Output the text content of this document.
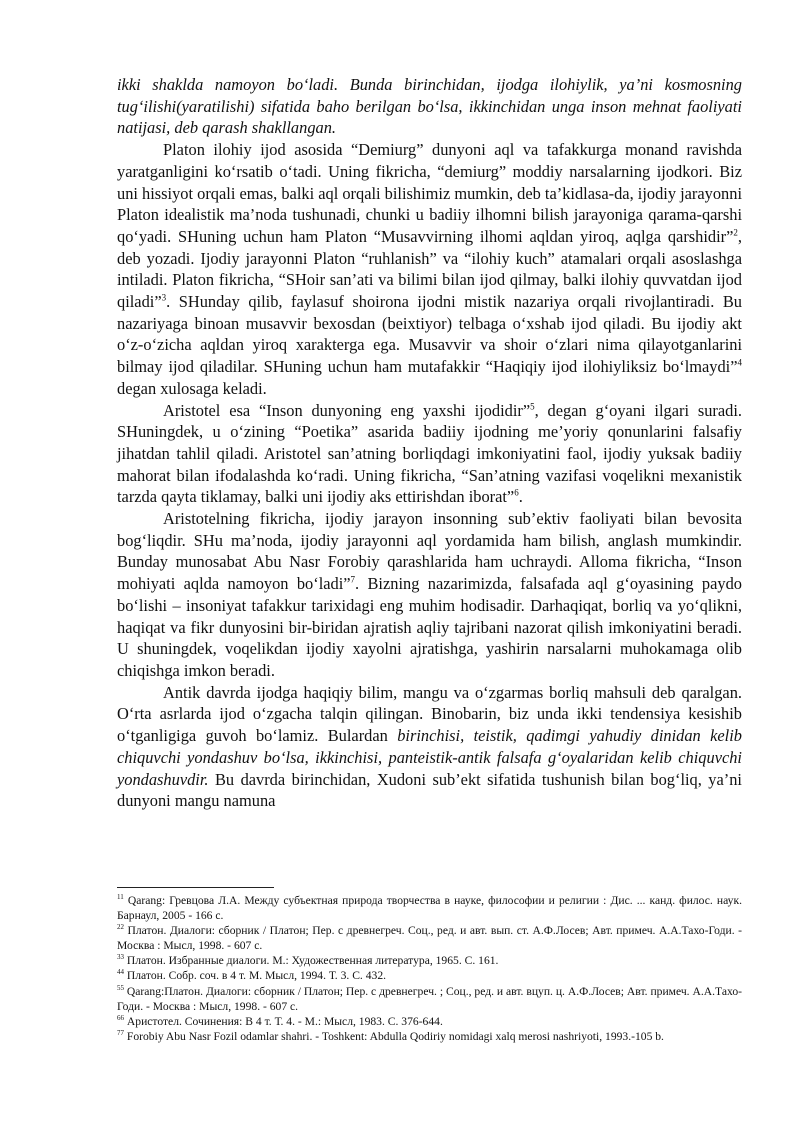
ikki shaklda namoyon bo‘ladi. Bunda birinchidan, ijodga ilohiylik, ya’ni kosmosning tug‘ilishi(yaratilishi) sifatida baho berilgan bo‘lsa, ikkinchidan unga inson mehnat faoliyati natijasi, deb qarash shakllangan.

Platon ilohiy ijod asosida “Demiurg” dunyoni aql va tafakkurga monand ravishda yaratganligini ko‘rsatib o‘tadi. Uning fikricha, “demiurg” moddiy narsalarning ijodkori. Biz uni hissiyot orqali emas, balki aql orqali bilishimiz mumkin, deb ta’kidlasa-da, ijodiy jarayonni Platon idealistik ma’noda tushunadi, chunki u badiiy ilhomni bilish jarayoniga qarama-qarshi qo‘yadi. SHuning uchun ham Platon “Musavvirning ilhomi aqldan yiroq, aqlga qarshidir”$^2$, deb yozadi. Ijodiy jarayonni Platon “ruhlanish” va “ilohiy kuch” atamalari orqali asoslashga intiladi. Platon fikricha, “SHoir san’ati va bilimi bilan ijod qilmay, balki ilohiy quvvatdan ijod qiladi”$^3$. SHunday qilib, faylasuf shoirona ijodni mistik nazariya orqali rivojlantiradi. Bu nazariyaga binoan musavvir bexosdan (beixtiyor) telbaga o‘xshab ijod qiladi. Bu ijodiy akt o‘z-o‘zicha aqldan yiroq xarakterga ega. Musavvir va shoir o‘zlari nima qilayotganlarini bilmay ijod qiladilar. SHuning uchun ham mutafakkir “Haqiqiy ijod ilohiyliksiz bo‘lmaydi”$^4$ degan xulosaga keladi.

Aristotel esa “Inson dunyoning eng yaxshi ijodidir”$^5$, degan g‘oyani ilgari suradi. SHuningdek, u o‘zining “Poetika” asarida badiiy ijodning me’yoriy qonunlarini falsafiy jihatdan tahlil qiladi. Aristotel san’atning borliqdagi imkoniyatini faol, ijodiy yuksak badiiy mahorat bilan ifodalashda ko‘radi. Uning fikricha, “San’atning vazifasi voqelikni mexanistik tarzda qayta tiklamay, balki uni ijodiy aks ettirishdan iborat”$^6$.

Aristotelning fikricha, ijodiy jarayon insonning sub’ektiv faoliyati bilan bevosita bog‘liqdir. SHu ma’noda, ijodiy jarayonni aql yordamida ham bilish, anglash mumkindir. Bunday munosabat Abu Nasr Forobiy qarashlarida ham uchraydi. Alloma fikricha, “Inson mohiyati aqlda namoyon bo‘ladi”$^7$. Bizning nazarimizda, falsafada aql g‘oyasining paydo bo‘lishi – insoniyat tafakkur tarixidagi eng muhim hodisadir. Darhaqiqat, borliq va yo‘qlikni, haqiqat va fikr dunyosini bir-biridan ajratish aqliy tajribani nazorat qilish imkoniyatini beradi. U shuningdek, voqelikdan ijodiy xayolni ajratishga, yashirin narsalarni muhokamaga olib chiqishga imkon beradi.

Antik davrda ijodga haqiqiy bilim, mangu va o‘zgarmas borliq mahsuli deb qaralgan. O‘rta asrlarda ijod o‘zgacha talqin qilingan. Binobarin, biz unda ikki tendensiya kesishib o‘tganligiga guvoh bo‘lamiz. Bulardan birinchisi, teistik, qadimgi yahudiy dinidan kelib chiquvchi yondashuv bo‘lsa, ikkinchisi, panteistik-antik falsafa g‘oyalaridan kelib chiquvchi yondashuvdir. Bu davrda birinchidan, Xudoni sub’ekt sifatida tushunish bilan bog‘liq, ya’ni dunyoni mangu namuna

$^{11}$ Qarang: Гревцова Л.А. Между субъектная природа творчества в науке, философии и религии : Дис. ... канд. филос. наук. Барнаул, 2005 - 166 с.

$^{22}$ Платон. Диалоги: сборник / Платон; Пер. с древнегреч. Соц., ред. и авт. вып. ст. А.Ф.Лосев; Авт. примеч. А.А.Тахо-Годи. - Москва : Мысл, 1998. - 607 с.

$^{33}$ Платон. Избранные диалоги. М.: Художественная литература, 1965. С. 161.

$^{44}$ Платон. Собр. соч. в 4 т. М. Мысл, 1994. Т. 3. С. 432.

$^{55}$ Qarang:Платон. Диалоги: сборник / Платон; Пер. с древнегреч. ; Соц., ред. и авт. вцуп. ц. А.Ф.Лосев; Авт. примеч. А.А.Тахо-Годи. - Москва : Мысл, 1998. - 607 с.

$^{66}$ Аристотел. Сочинения: В 4 т. Т. 4. - М.: Мысл, 1983. С. 376-644.

$^{77}$ Forobiy Abu Nasr Fozil odamlar shahri. - Toshkent: Abdulla Qodiriy nomidagi xalq merosi nashriyoti, 1993.-105 b.
